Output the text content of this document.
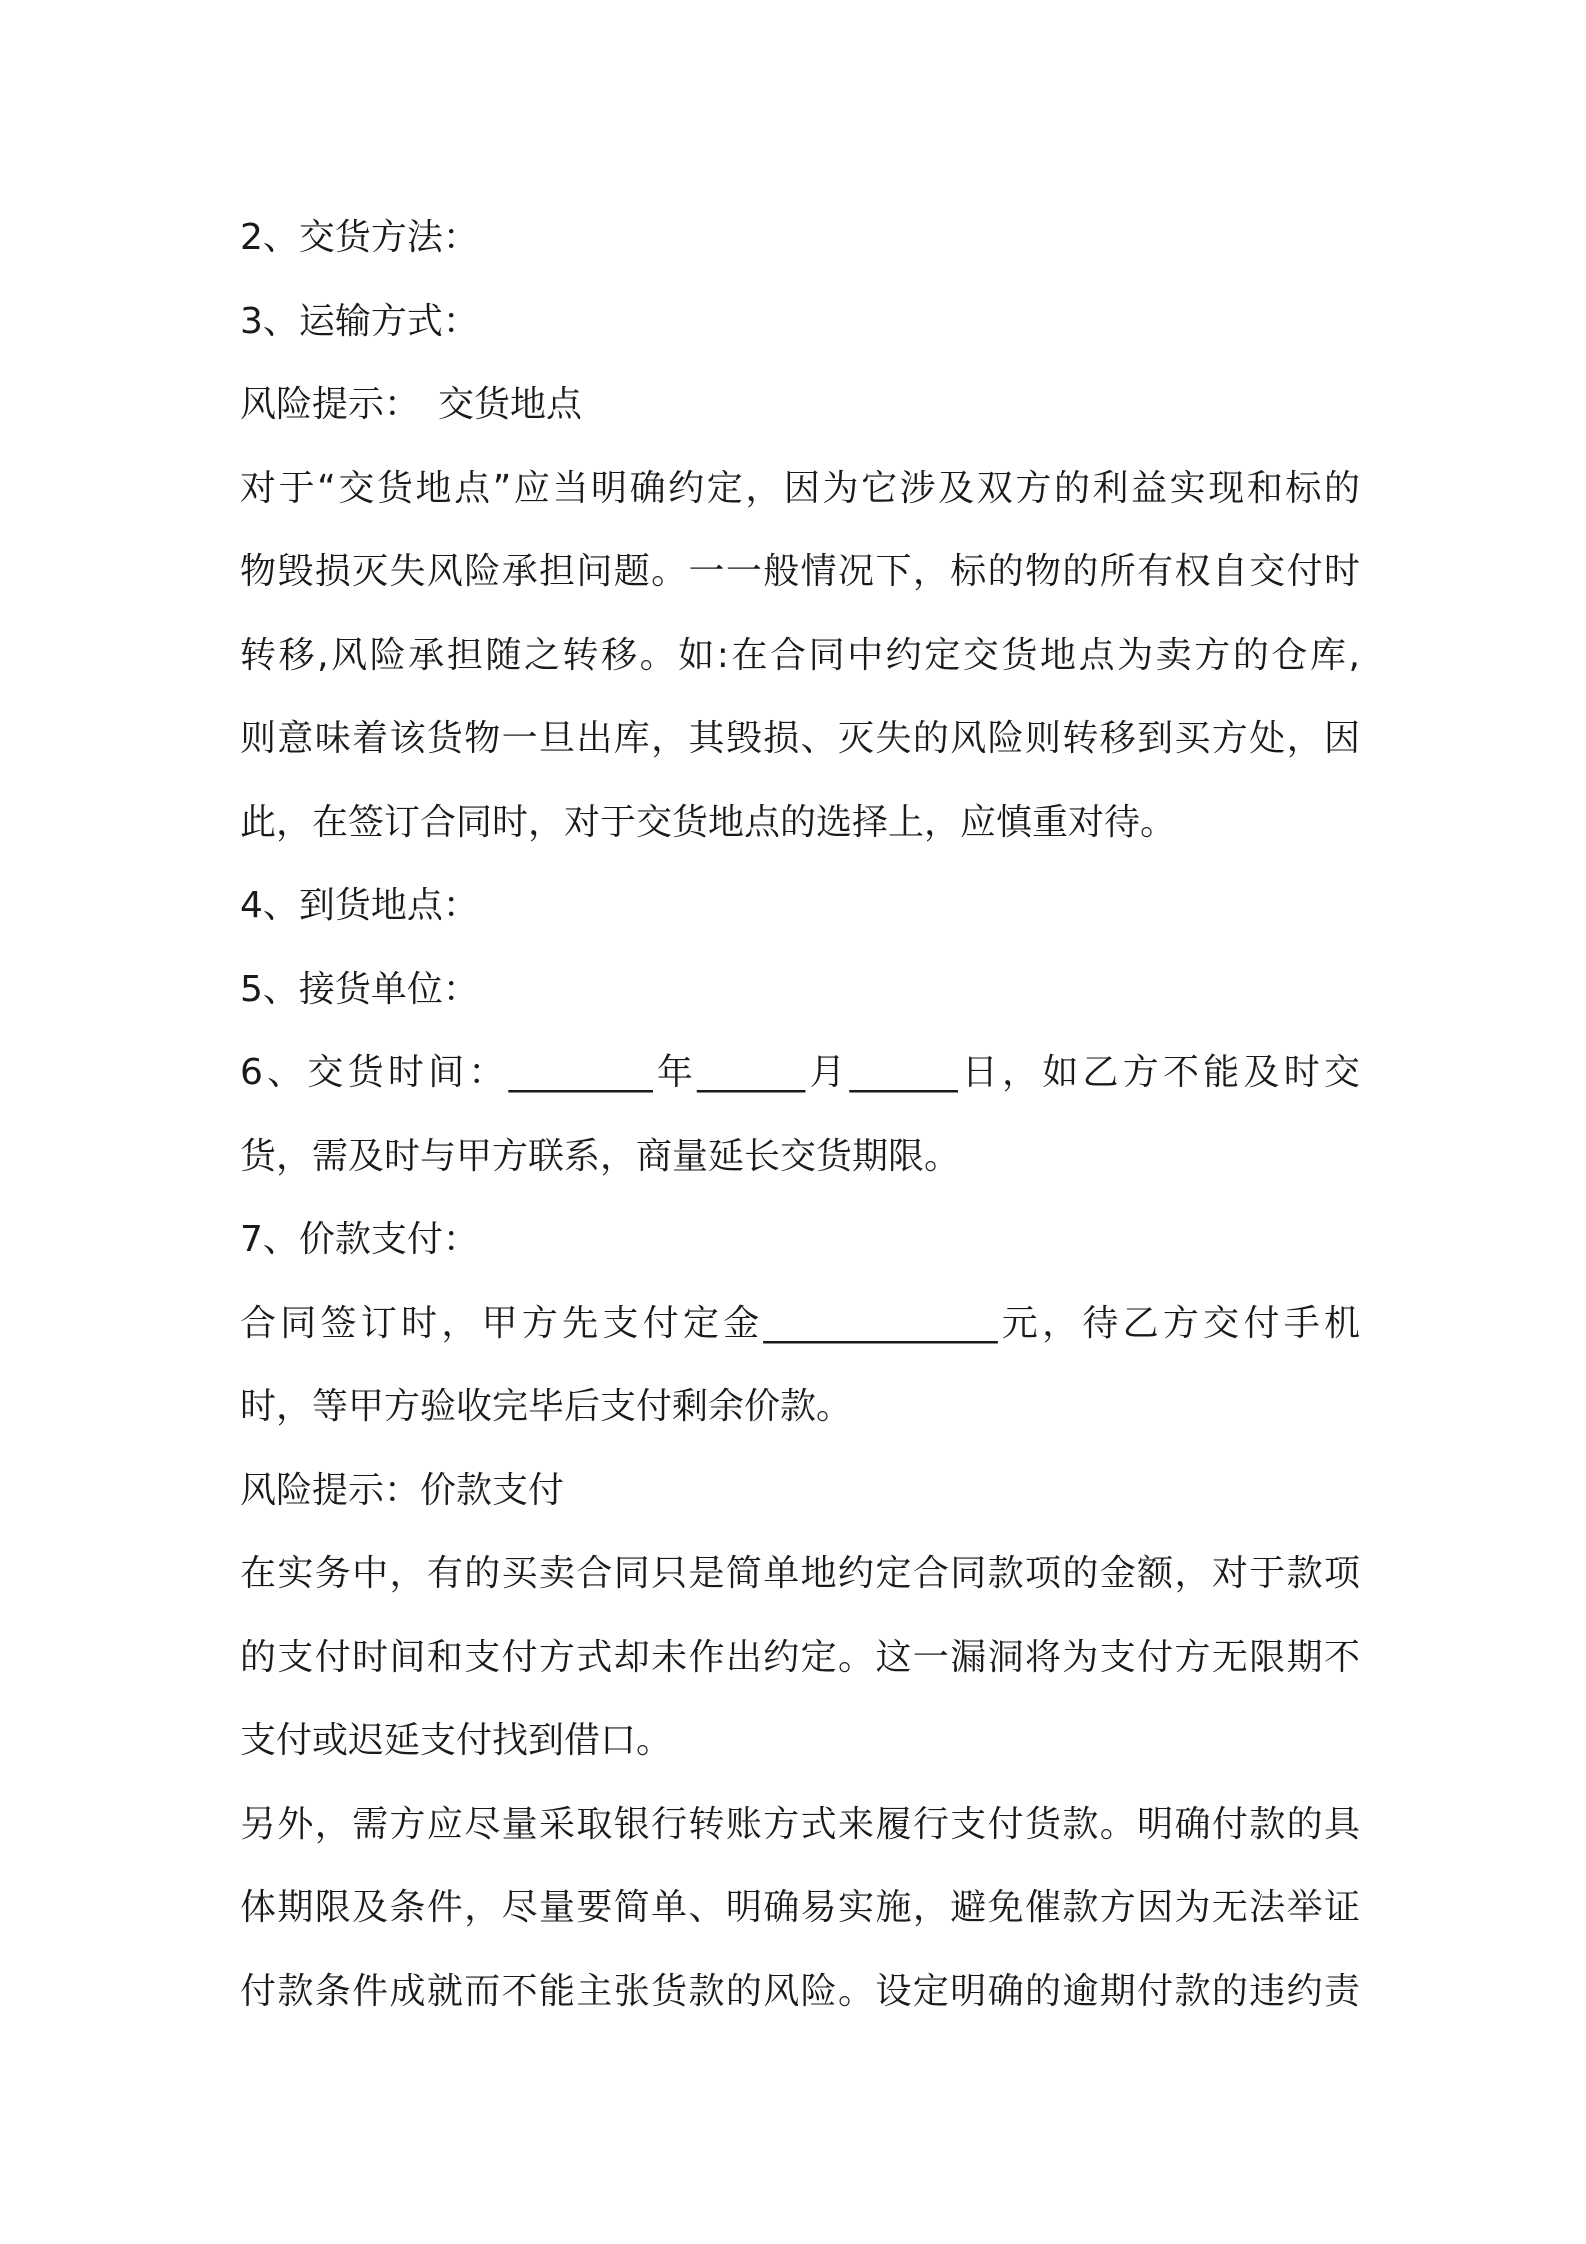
2、交货方法：
3、运输方式：
风险提示：　交货地点
对于“交货地点”应当明确约定，因为它涉及双方的利益实现和标的
物毁损灭失风险承担问题。一一般情况下，标的物的所有权自交付时
转移,风险承担随之转移。如:在合同中约定交货地点为卖方的仓库,
则意味着该货物一旦出库，其毁损、灭失的风险则转移到买方处，因
此，在签订合同时，对于交货地点的选择上，应慎重对待。
4、到货地点：
5、接货单位：
6、交货时间：________年______月______日，如乙方不能及时交
货，需及时与甲方联系，商量延长交货期限。
7、价款支付：
合同签订时，甲方先支付定金_____________元，待乙方交付手机
时，等甲方验收完毕后支付剩余价款。
风险提示：价款支付
在实务中，有的买卖合同只是简单地约定合同款项的金额，对于款项
的支付时间和支付方式却未作出约定。这一漏洞将为支付方无限期不
支付或迟延支付找到借口。
另外，需方应尽量采取银行转账方式来履行支付货款。明确付款的具
体期限及条件，尽量要简单、明确易实施，避免催款方因为无法举证
付款条件成就而不能主张货款的风险。设定明确的逾期付款的违约责
